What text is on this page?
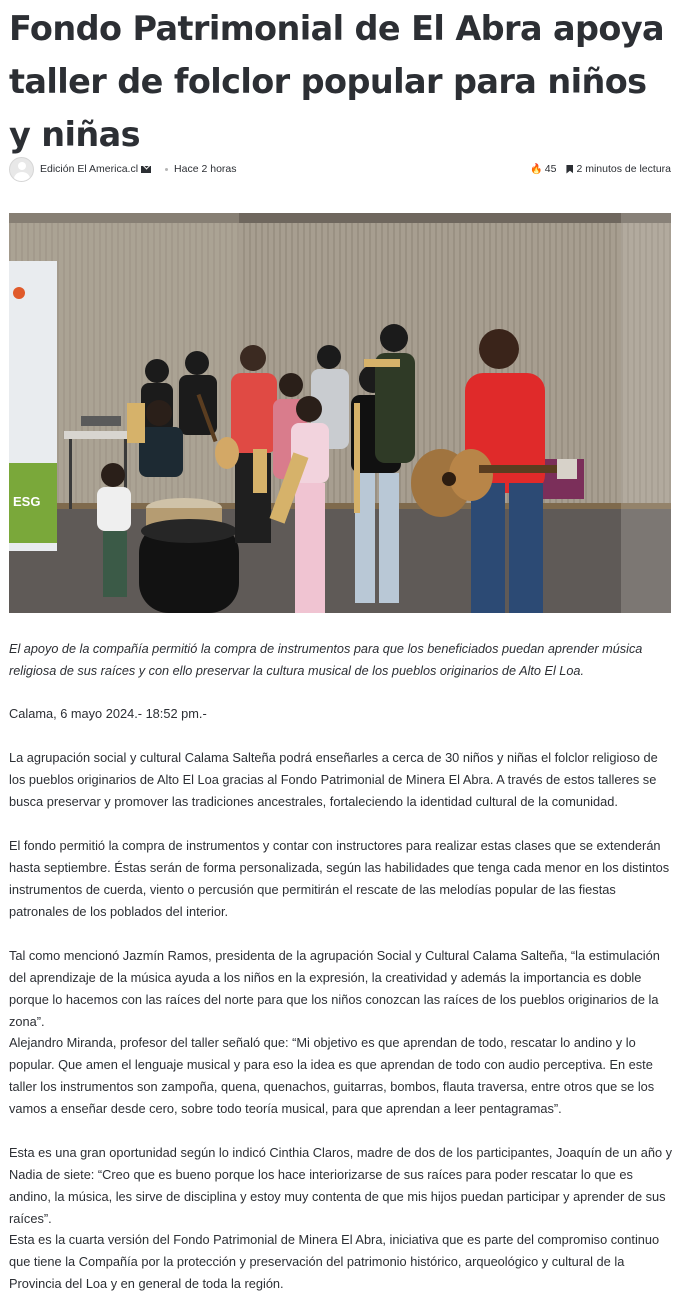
Fondo Patrimonial de El Abra apoya taller de folclor popular para niños y niñas
Edición El America.cl	Hace 2 horas	🔥 45 2 minutos de lectura
ESG

El apoyo de la compañía permitió la compra de instrumentos para que los beneficiados puedan aprender música religiosa de sus raíces y con ello preservar la cultura musical de los pueblos originarios de Alto El Loa.

Calama, 6 mayo 2024.- 18:52 pm.-

La agrupación social y cultural Calama Salteña podrá enseñarles a cerca de 30 niños y niñas el folclor religioso de los pueblos originarios de Alto El Loa gracias al Fondo Patrimonial de Minera El Abra. A través de estos talleres se busca preservar y promover las tradiciones ancestrales, fortaleciendo la identidad cultural de la comunidad.

El fondo permitió la compra de instrumentos y contar con instructores para realizar estas clases que se extenderán hasta septiembre. Éstas serán de forma personalizada, según las habilidades que tenga cada menor en los distintos instrumentos de cuerda, viento o percusión que permitirán el rescate de las melodías popular de las fiestas patronales de los poblados del interior.

Tal como mencionó Jazmín Ramos, presidenta de la agrupación Social y Cultural Calama Salteña, “la estimulación del aprendizaje de la música ayuda a los niños en la expresión, la creatividad y además la importancia es doble porque lo hacemos con las raíces del norte para que los niños conozcan las raíces de los pueblos originarios de la zona”.

Alejandro Miranda, profesor del taller señaló que: “Mi objetivo es que aprendan de todo, rescatar lo andino y lo popular. Que amen el lenguaje musical y para eso la idea es que aprendan de todo con audio perceptiva. En este taller los instrumentos son zampoña, quena, quenachos, guitarras, bombos, flauta traversa, entre otros que se los vamos a enseñar desde cero, sobre todo teoría musical, para que aprendan a leer pentagramas”.

Esta es una gran oportunidad según lo indicó Cinthia Claros, madre de dos de los participantes, Joaquín de un año y Nadia de siete: “Creo que es bueno porque los hace interiorizarse de sus raíces para poder rescatar lo que es andino, la música, les sirve de disciplina y estoy muy contenta de que mis hijos puedan participar y aprender de sus raíces”.

Esta es la cuarta versión del Fondo Patrimonial de Minera El Abra, iniciativa que es parte del compromiso continuo que tiene la Compañía por la protección y preservación del patrimonio histórico, arqueológico y cultural de la Provincia del Loa y en general de toda la región.
